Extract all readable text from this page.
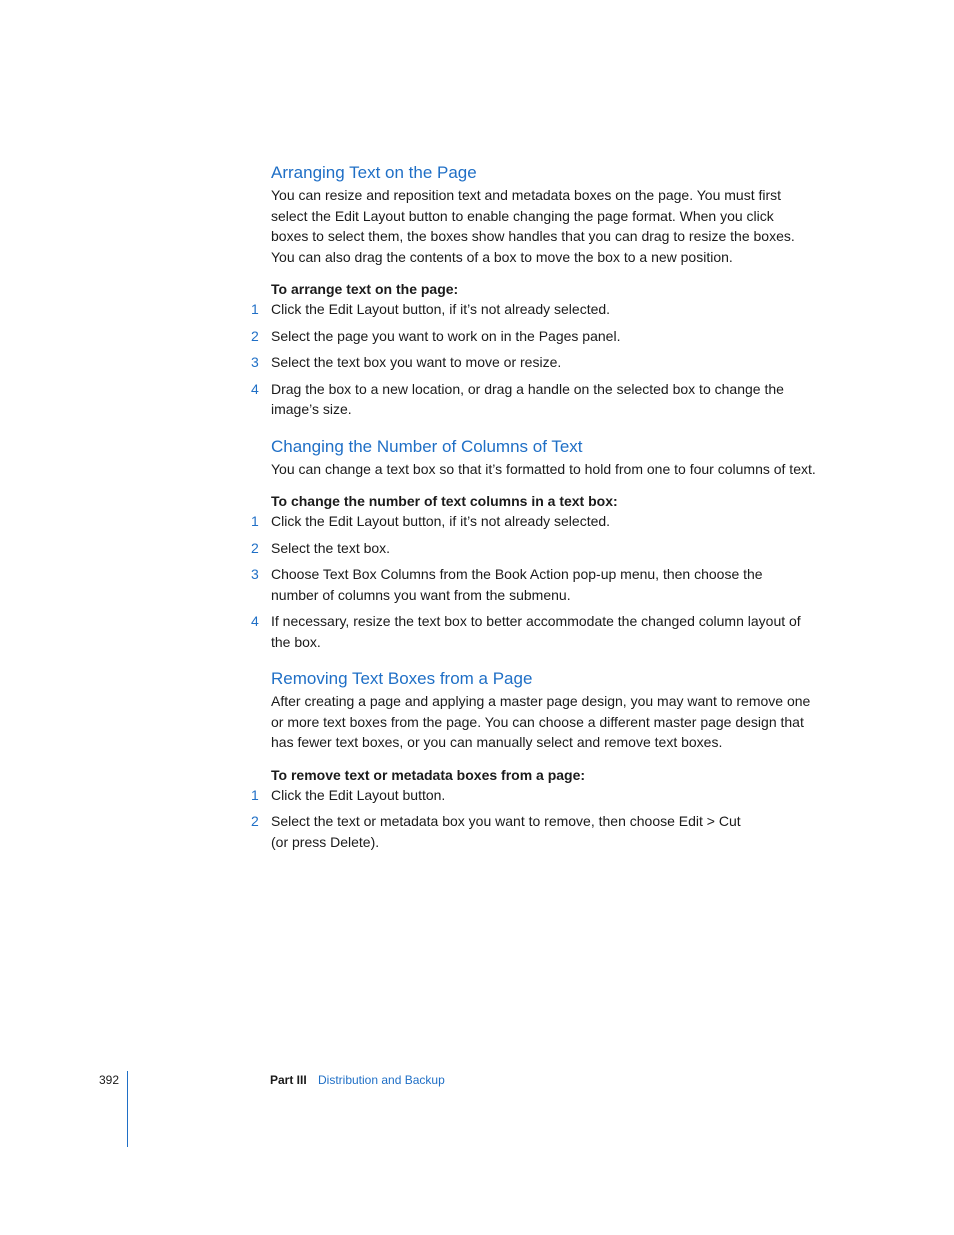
Arranging Text on the Page

You can resize and reposition text and metadata boxes on the page. You must first
select the Edit Layout button to enable changing the page format. When you click
boxes to select them, the boxes show handles that you can drag to resize the boxes.
You can also drag the contents of a box to move the box to a new position.

To arrange text on the page:
1 Click the Edit Layout button, if it’s not already selected.
2 Select the page you want to work on in the Pages panel.
3 Select the text box you want to move or resize.
4 Drag the box to a new location, or drag a handle on the selected box to change the
image’s size.
Changing the Number of Columns of Text

You can change a text box so that it’s formatted to hold from one to four columns of text.

To change the number of text columns in a text box:
1 Click the Edit Layout button, if it’s not already selected.
2 Select the text box.
3 Choose Text Box Columns from the Book Action pop-up menu, then choose the
number of columns you want from the submenu.
4 If necessary, resize the text box to better accommodate the changed column layout of
the box.
Removing Text Boxes from a Page

After creating a page and applying a master page design, you may want to remove one
or more text boxes from the page. You can choose a different master page design that
has fewer text boxes, or you can manually select and remove text boxes.

To remove text or metadata boxes from a page:
1 Click the Edit Layout button.
2 Select the text or metadata box you want to remove, then choose Edit > Cut
(or press Delete).
392	Part III Distribution and Backup
